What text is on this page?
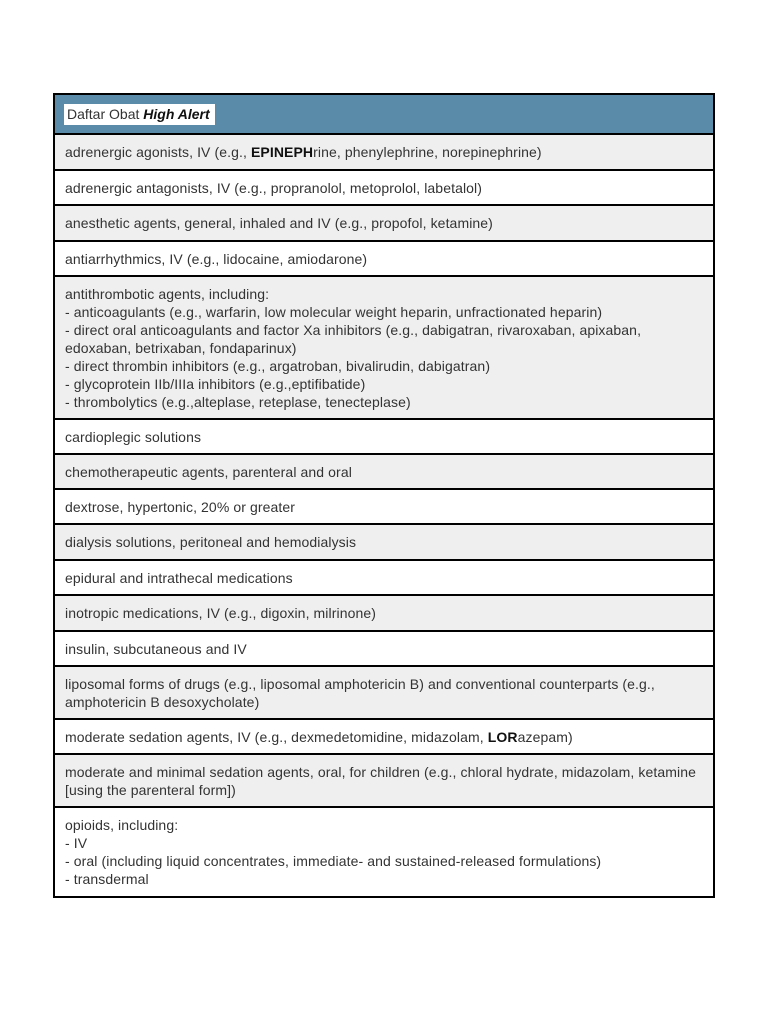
Daftar Obat High Alert
adrenergic agonists, IV (e.g., EPINEPHrine, phenylephrine, norepinephrine)
adrenergic antagonists, IV (e.g., propranolol, metoprolol, labetalol)
anesthetic agents, general, inhaled and IV (e.g., propofol, ketamine)
antiarrhythmics, IV (e.g., lidocaine, amiodarone)
antithrombotic agents, including:
- anticoagulants (e.g., warfarin, low molecular weight heparin, unfractionated heparin)
- direct oral anticoagulants and factor Xa inhibitors (e.g., dabigatran, rivaroxaban, apixaban, edoxaban, betrixaban, fondaparinux)
- direct thrombin inhibitors (e.g., argatroban, bivalirudin, dabigatran)
- glycoprotein IIb/IIIa inhibitors (e.g.,eptifibatide)
- thrombolytics (e.g.,alteplase, reteplase, tenecteplase)
cardioplegic solutions
chemotherapeutic agents, parenteral and oral
dextrose, hypertonic, 20% or greater
dialysis solutions, peritoneal and hemodialysis
epidural and intrathecal medications
inotropic medications, IV (e.g., digoxin, milrinone)
insulin, subcutaneous and IV
liposomal forms of drugs (e.g., liposomal amphotericin B) and conventional counterparts (e.g., amphotericin B desoxycholate)
moderate sedation agents, IV (e.g., dexmedetomidine, midazolam, LORazepam)
moderate and minimal sedation agents, oral, for children (e.g., chloral hydrate, midazolam, ketamine [using the parenteral form])
opioids, including:
- IV
- oral (including liquid concentrates, immediate- and sustained-released formulations)
- transdermal
